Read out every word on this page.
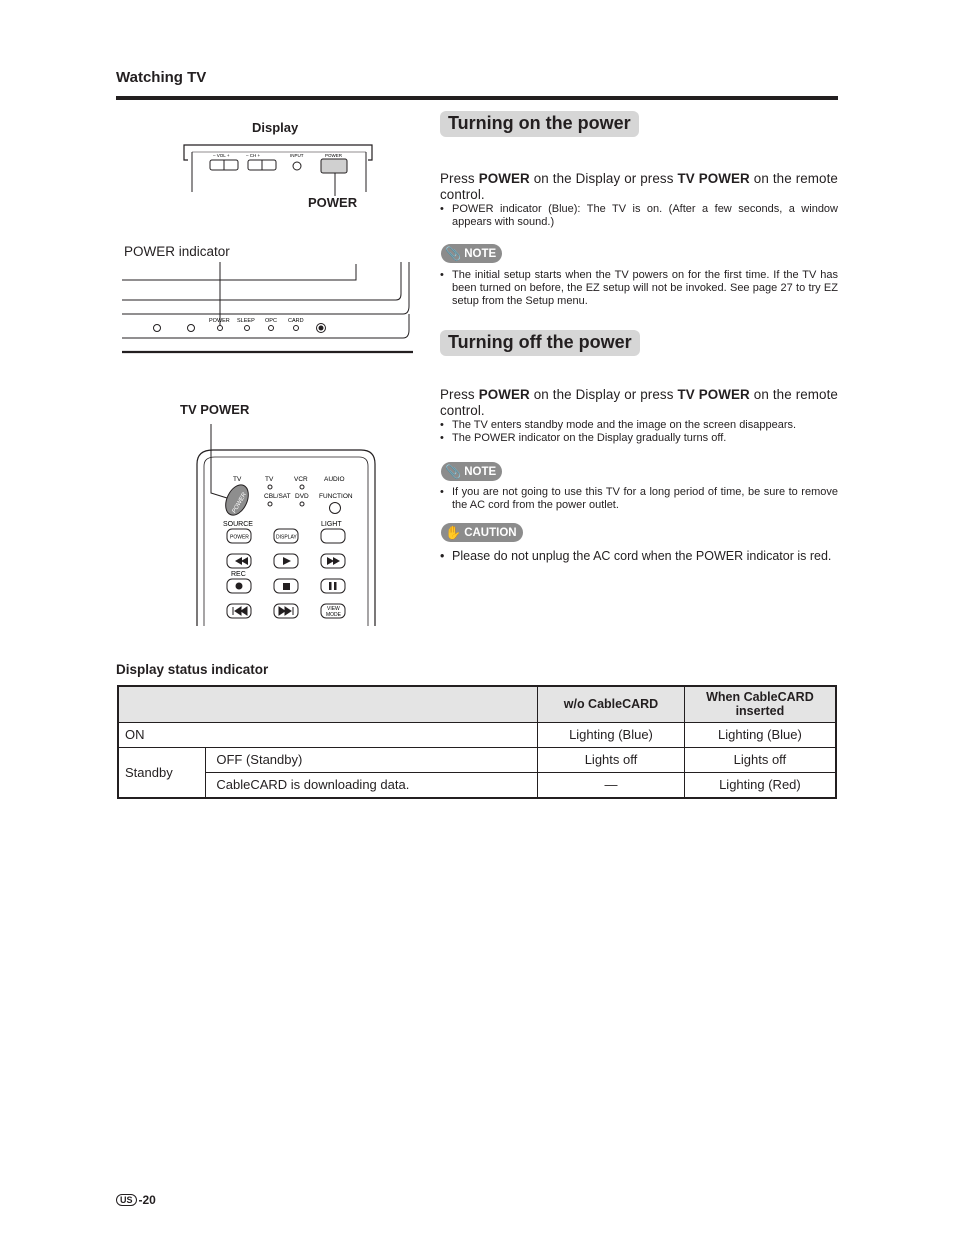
Watching TV
Display
– VOL +	– CH +	INPUT	POWER
POWER
POWER indicator
POWER SLEEP OPC CARD
TV POWER
TV	TV	VCR	AUDIO
CBL/SAT DVD FUNCTION
POWER
SOURCE	LIGHT
POWER	DISPLAY
REC
VIEW
MODE
Turning on the power
Press POWER on the Display or press TV POWER on the remote control.
• POWER indicator (Blue): The TV is on. (After a few seconds, a window appears with sound.)
📎 NOTE
• The initial setup starts when the TV powers on for the first time. If the TV has been turned on before, the EZ setup will not be invoked. See page 27 to try EZ setup from the Setup menu.
Turning off the power
Press POWER on the Display or press TV POWER on the remote control.
• The TV enters standby mode and the image on the screen disappears.
• The POWER indicator on the Display gradually turns off.
📎 NOTE
• If you are not going to use this TV for a long period of time, be sure to remove the AC cord from the power outlet.
✋ CAUTION
• Please do not unplug the AC cord when the POWER indicator is red.
Display status indicator
		w/o CableCARD	When CableCARD inserted
ON		Lighting (Blue)	Lighting (Blue)
Standby	OFF (Standby)	Lights off	Lights off
	CableCARD is downloading data.	—	Lighting (Red)
US -20
